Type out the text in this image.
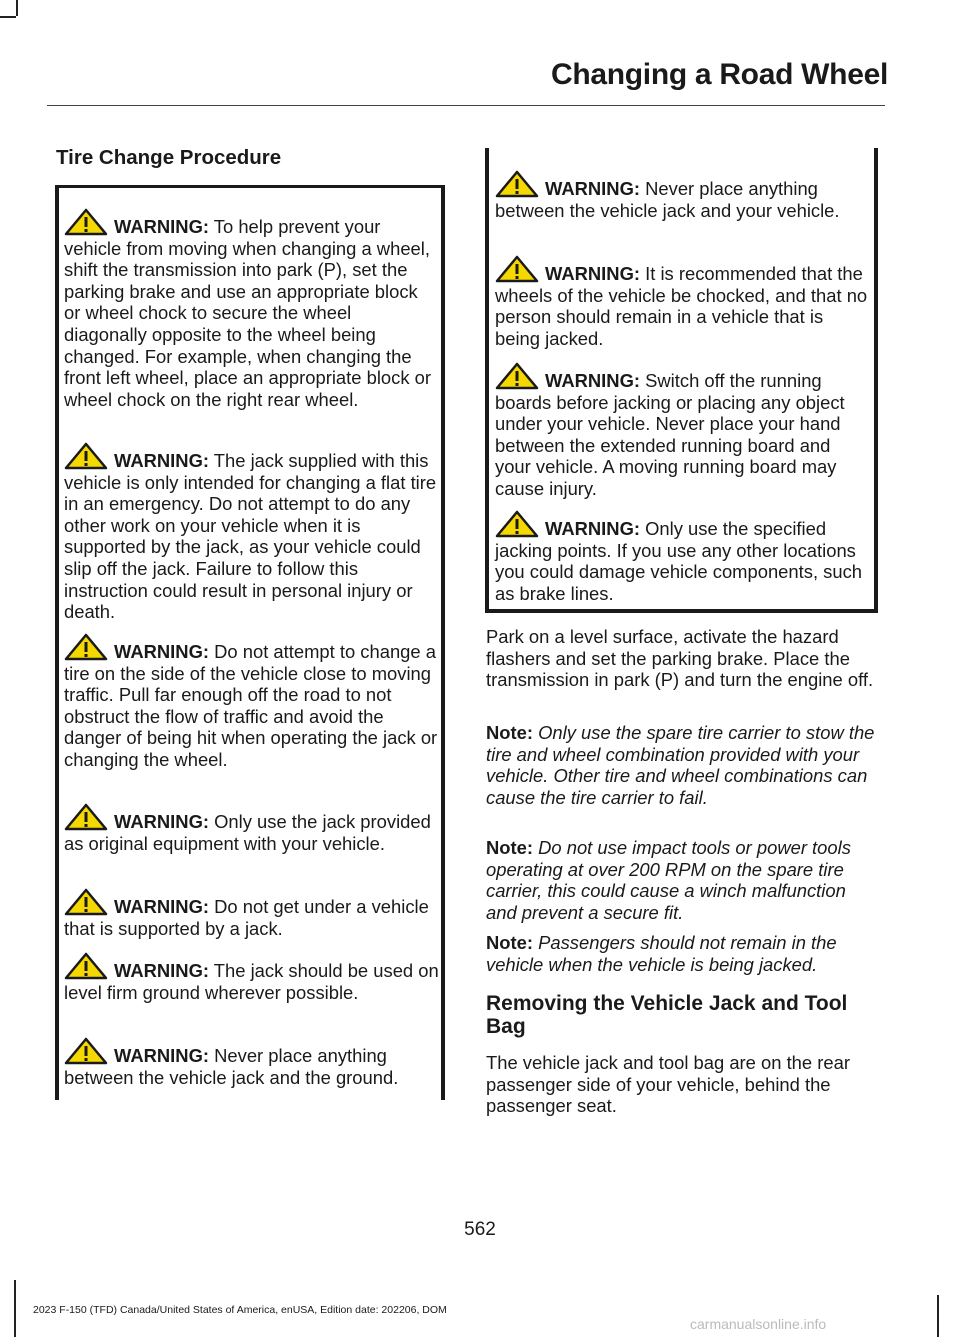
Changing a Road Wheel
Tire Change Procedure
WARNING: To help prevent your vehicle from moving when changing a wheel, shift the transmission into park (P), set the parking brake and use an appropriate block or wheel chock to secure the wheel diagonally opposite to the wheel being changed. For example, when changing the front left wheel, place an appropriate block or wheel chock on the right rear wheel.
WARNING: The jack supplied with this vehicle is only intended for changing a flat tire in an emergency. Do not attempt to do any other work on your vehicle when it is supported by the jack, as your vehicle could slip off the jack. Failure to follow this instruction could result in personal injury or death.
WARNING: Do not attempt to change a tire on the side of the vehicle close to moving traffic. Pull far enough off the road to not obstruct the flow of traffic and avoid the danger of being hit when operating the jack or changing the wheel.
WARNING: Only use the jack provided as original equipment with your vehicle.
WARNING: Do not get under a vehicle that is supported by a jack.
WARNING: The jack should be used on level firm ground wherever possible.
WARNING: Never place anything between the vehicle jack and the ground.
WARNING: Never place anything between the vehicle jack and your vehicle.
WARNING: It is recommended that the wheels of the vehicle be chocked, and that no person should remain in a vehicle that is being jacked.
WARNING: Switch off the running boards before jacking or placing any object under your vehicle. Never place your hand between the extended running board and your vehicle. A moving running board may cause injury.
WARNING: Only use the specified jacking points. If you use any other locations you could damage vehicle components, such as brake lines.
Park on a level surface, activate the hazard flashers and set the parking brake. Place the transmission in park (P) and turn the engine off.
Note: Only use the spare tire carrier to stow the tire and wheel combination provided with your vehicle. Other tire and wheel combinations can cause the tire carrier to fail.
Note: Do not use impact tools or power tools operating at over 200 RPM on the spare tire carrier, this could cause a winch malfunction and prevent a secure fit.
Note: Passengers should not remain in the vehicle when the vehicle is being jacked.
Removing the Vehicle Jack and Tool Bag
The vehicle jack and tool bag are on the rear passenger side of your vehicle, behind the passenger seat.
562
2023 F-150 (TFD) Canada/United States of America, enUSA, Edition date: 202206, DOM
carmanualsonline.info
